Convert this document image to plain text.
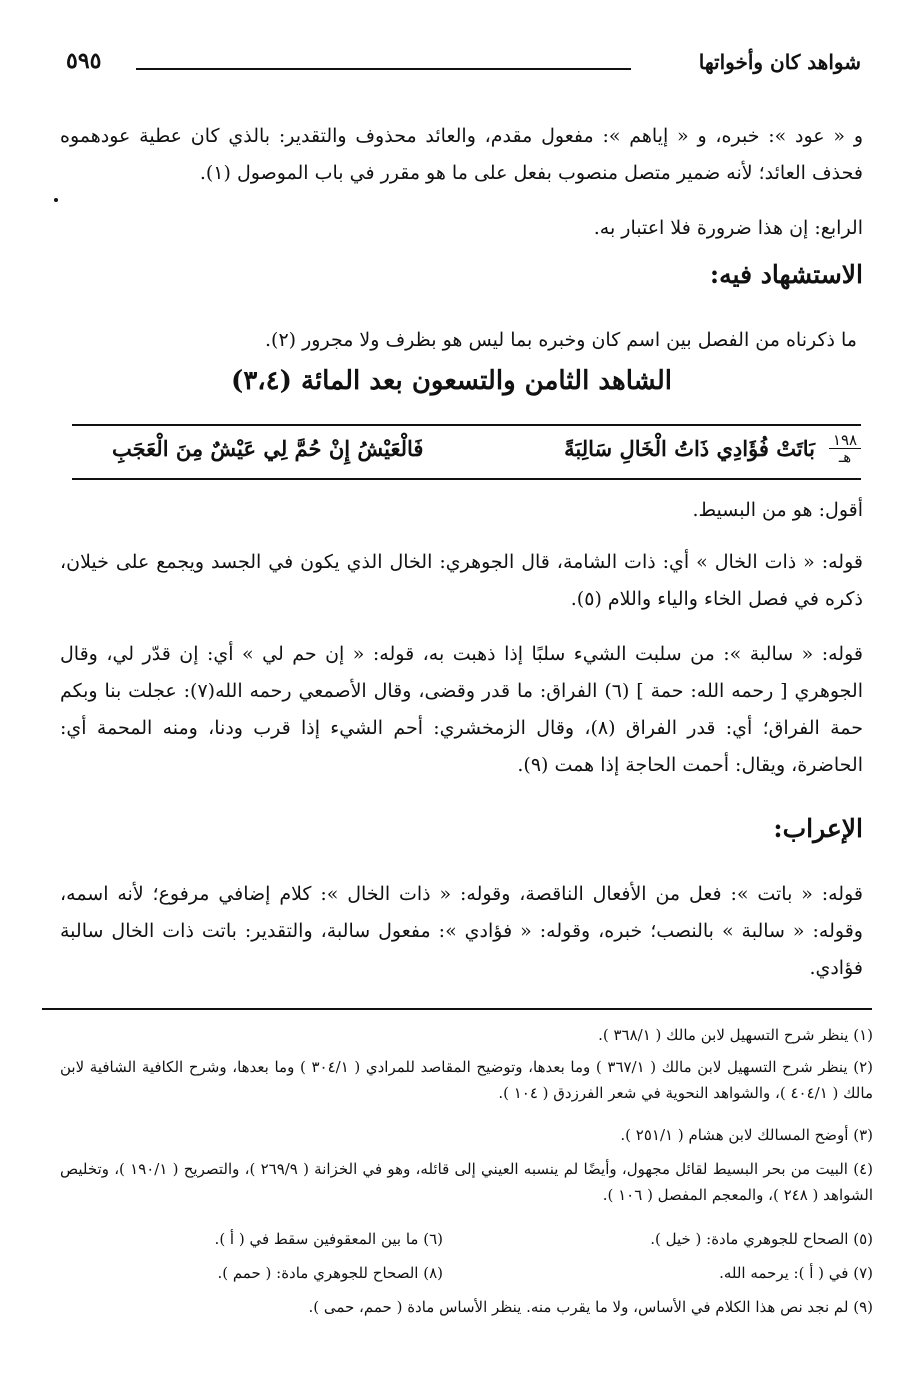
شواهد كان وأخواتها
٥٩٥

و « عود »: خبره، و « إياهم »: مفعول مقدم، والعائد محذوف والتقدير: بالذي كان عطية عودهموه فحذف العائد؛ لأنه ضمير متصل منصوب بفعل على ما هو مقرر في باب الموصول (١).

الرابع: إن هذا ضرورة فلا اعتبار به.

الاستشهاد فيه:

ما ذكرناه من الفصل بين اسم كان وخبره بما ليس هو بظرف ولا مجرور (٢).

الشاهد الثامن والتسعون بعد المائة (٣،٤)

١٩٨
هـ
بَاتَتْ فُؤَادِي ذَاتُ الْخَالِ سَالِبَةً
فَالْعَيْشُ إِنْ حُمَّ لِي عَيْشٌ مِنَ الْعَجَبِ

أقول: هو من البسيط.

قوله: « ذات الخال » أي: ذات الشامة، قال الجوهري: الخال الذي يكون في الجسد ويجمع على خيلان، ذكره في فصل الخاء والياء واللام (٥).

قوله: « سالبة »: من سلبت الشيء سلبًا إذا ذهبت به، قوله: « إن حم لي » أي: إن قدّر لي، وقال الجوهري [ رحمه الله: حمة ] (٦) الفراق: ما قدر وقضى، وقال الأصمعي رحمه الله(٧): عجلت بنا وبكم حمة الفراق؛ أي: قدر الفراق (٨)، وقال الزمخشري: أحم الشيء إذا قرب ودنا، ومنه المحمة أي: الحاضرة، ويقال: أحمت الحاجة إذا همت (٩).

الإعراب:

قوله: « باتت »: فعل من الأفعال الناقصة، وقوله: « ذات الخال »: كلام إضافي مرفوع؛ لأنه اسمه، وقوله: « سالبة » بالنصب؛ خبره، وقوله: « فؤادي »: مفعول سالبة، والتقدير: باتت ذات الخال سالبة فؤادي.

(١) ينظر شرح التسهيل لابن مالك ( ٣٦٨/١ ).

(٢) ينظر شرح التسهيل لابن مالك ( ٣٦٧/١ ) وما بعدها، وتوضيح المقاصد للمرادي ( ٣٠٤/١ ) وما بعدها، وشرح الكافية الشافية لابن مالك ( ٤٠٤/١ )، والشواهد النحوية في شعر الفرزدق ( ١٠٤ ).

(٣) أوضح المسالك لابن هشام ( ٢٥١/١ ).

(٤) البيت من بحر البسيط لقائل مجهول، وأيضًا لم ينسبه العيني إلى قائله، وهو في الخزانة ( ٢٦٩/٩ )، والتصريح ( ١٩٠/١ )، وتخليص الشواهد ( ٢٤٨ )، والمعجم المفصل ( ١٠٦ ).

(٥) الصحاح للجوهري مادة: ( خيل ).
(٦) ما بين المعقوفين سقط في ( أ ).
(٧) في ( أ ): يرحمه الله.
(٨) الصحاح للجوهري مادة: ( حمم ).

(٩) لم نجد نص هذا الكلام في الأساس، ولا ما يقرب منه. ينظر الأساس مادة ( حمم، حمى ).
